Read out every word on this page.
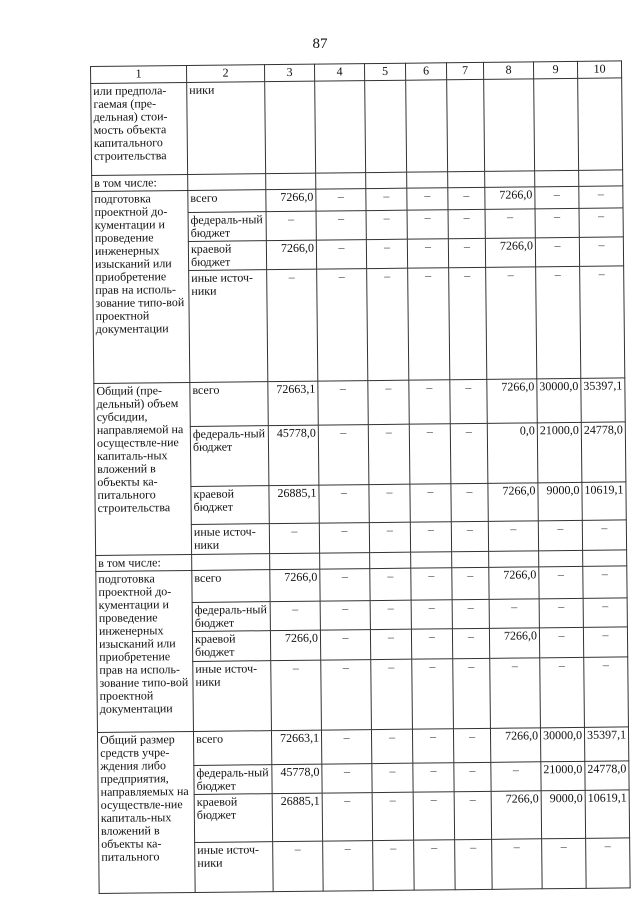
87
1	2	3	4	5	6	7	8	9	10
или предпола-гаемая (пре-дельная) стои-мость объекта капитального строительства	ники								
в том числе:									
подготовка проектной до-кументации и проведение инженерных изысканий или приобретение прав на исполь-зование типо-вой проектной документации	всего	7266,0	–	–	–	–	7266,0	–	–
	федераль-ный бюджет	–	–	–	–	–	–	–	–
	краевой бюджет	7266,0	–	–	–	–	7266,0	–	–
	иные источ-ники	–	–	–	–	–	–	–	–
Общий (пре-дельный) объем субсидии, направляемой на осуществле-ние капиталь-ных вложений в объекты ка-питального строительства	всего	72663,1	–	–	–	–	7266,0	30000,0	35397,1
	федераль-ный бюджет	45778,0	–	–	–	–	0,0	21000,0	24778,0
	краевой бюджет	26885,1	–	–	–	–	7266,0	9000,0	10619,1
	иные источ-ники	–	–	–	–	–	–	–	–
в том числе:									
подготовка проектной до-кументации и проведение инженерных изысканий или приобретение прав на исполь-зование типо-вой проектной документации	всего	7266,0	–	–	–	–	7266,0	–	–
	федераль-ный бюджет	–	–	–	–	–	–	–	–
	краевой бюджет	7266,0	–	–	–	–	7266,0	–	–
	иные источ-ники	–	–	–	–	–	–	–	–
Общий размер средств учре-ждения либо предприятия, направляемых на осуществле-ние капиталь-ных вложений в объекты ка-питального	всего	72663,1	–	–	–	–	7266,0	30000,0	35397,1
	федераль-ный бюджет	45778,0	–	–	–	–	–	21000,0	24778,0
	краевой бюджет	26885,1	–	–	–	–	7266,0	9000,0	10619,1
	иные источ-ники	–	–	–	–	–	–	–	–
